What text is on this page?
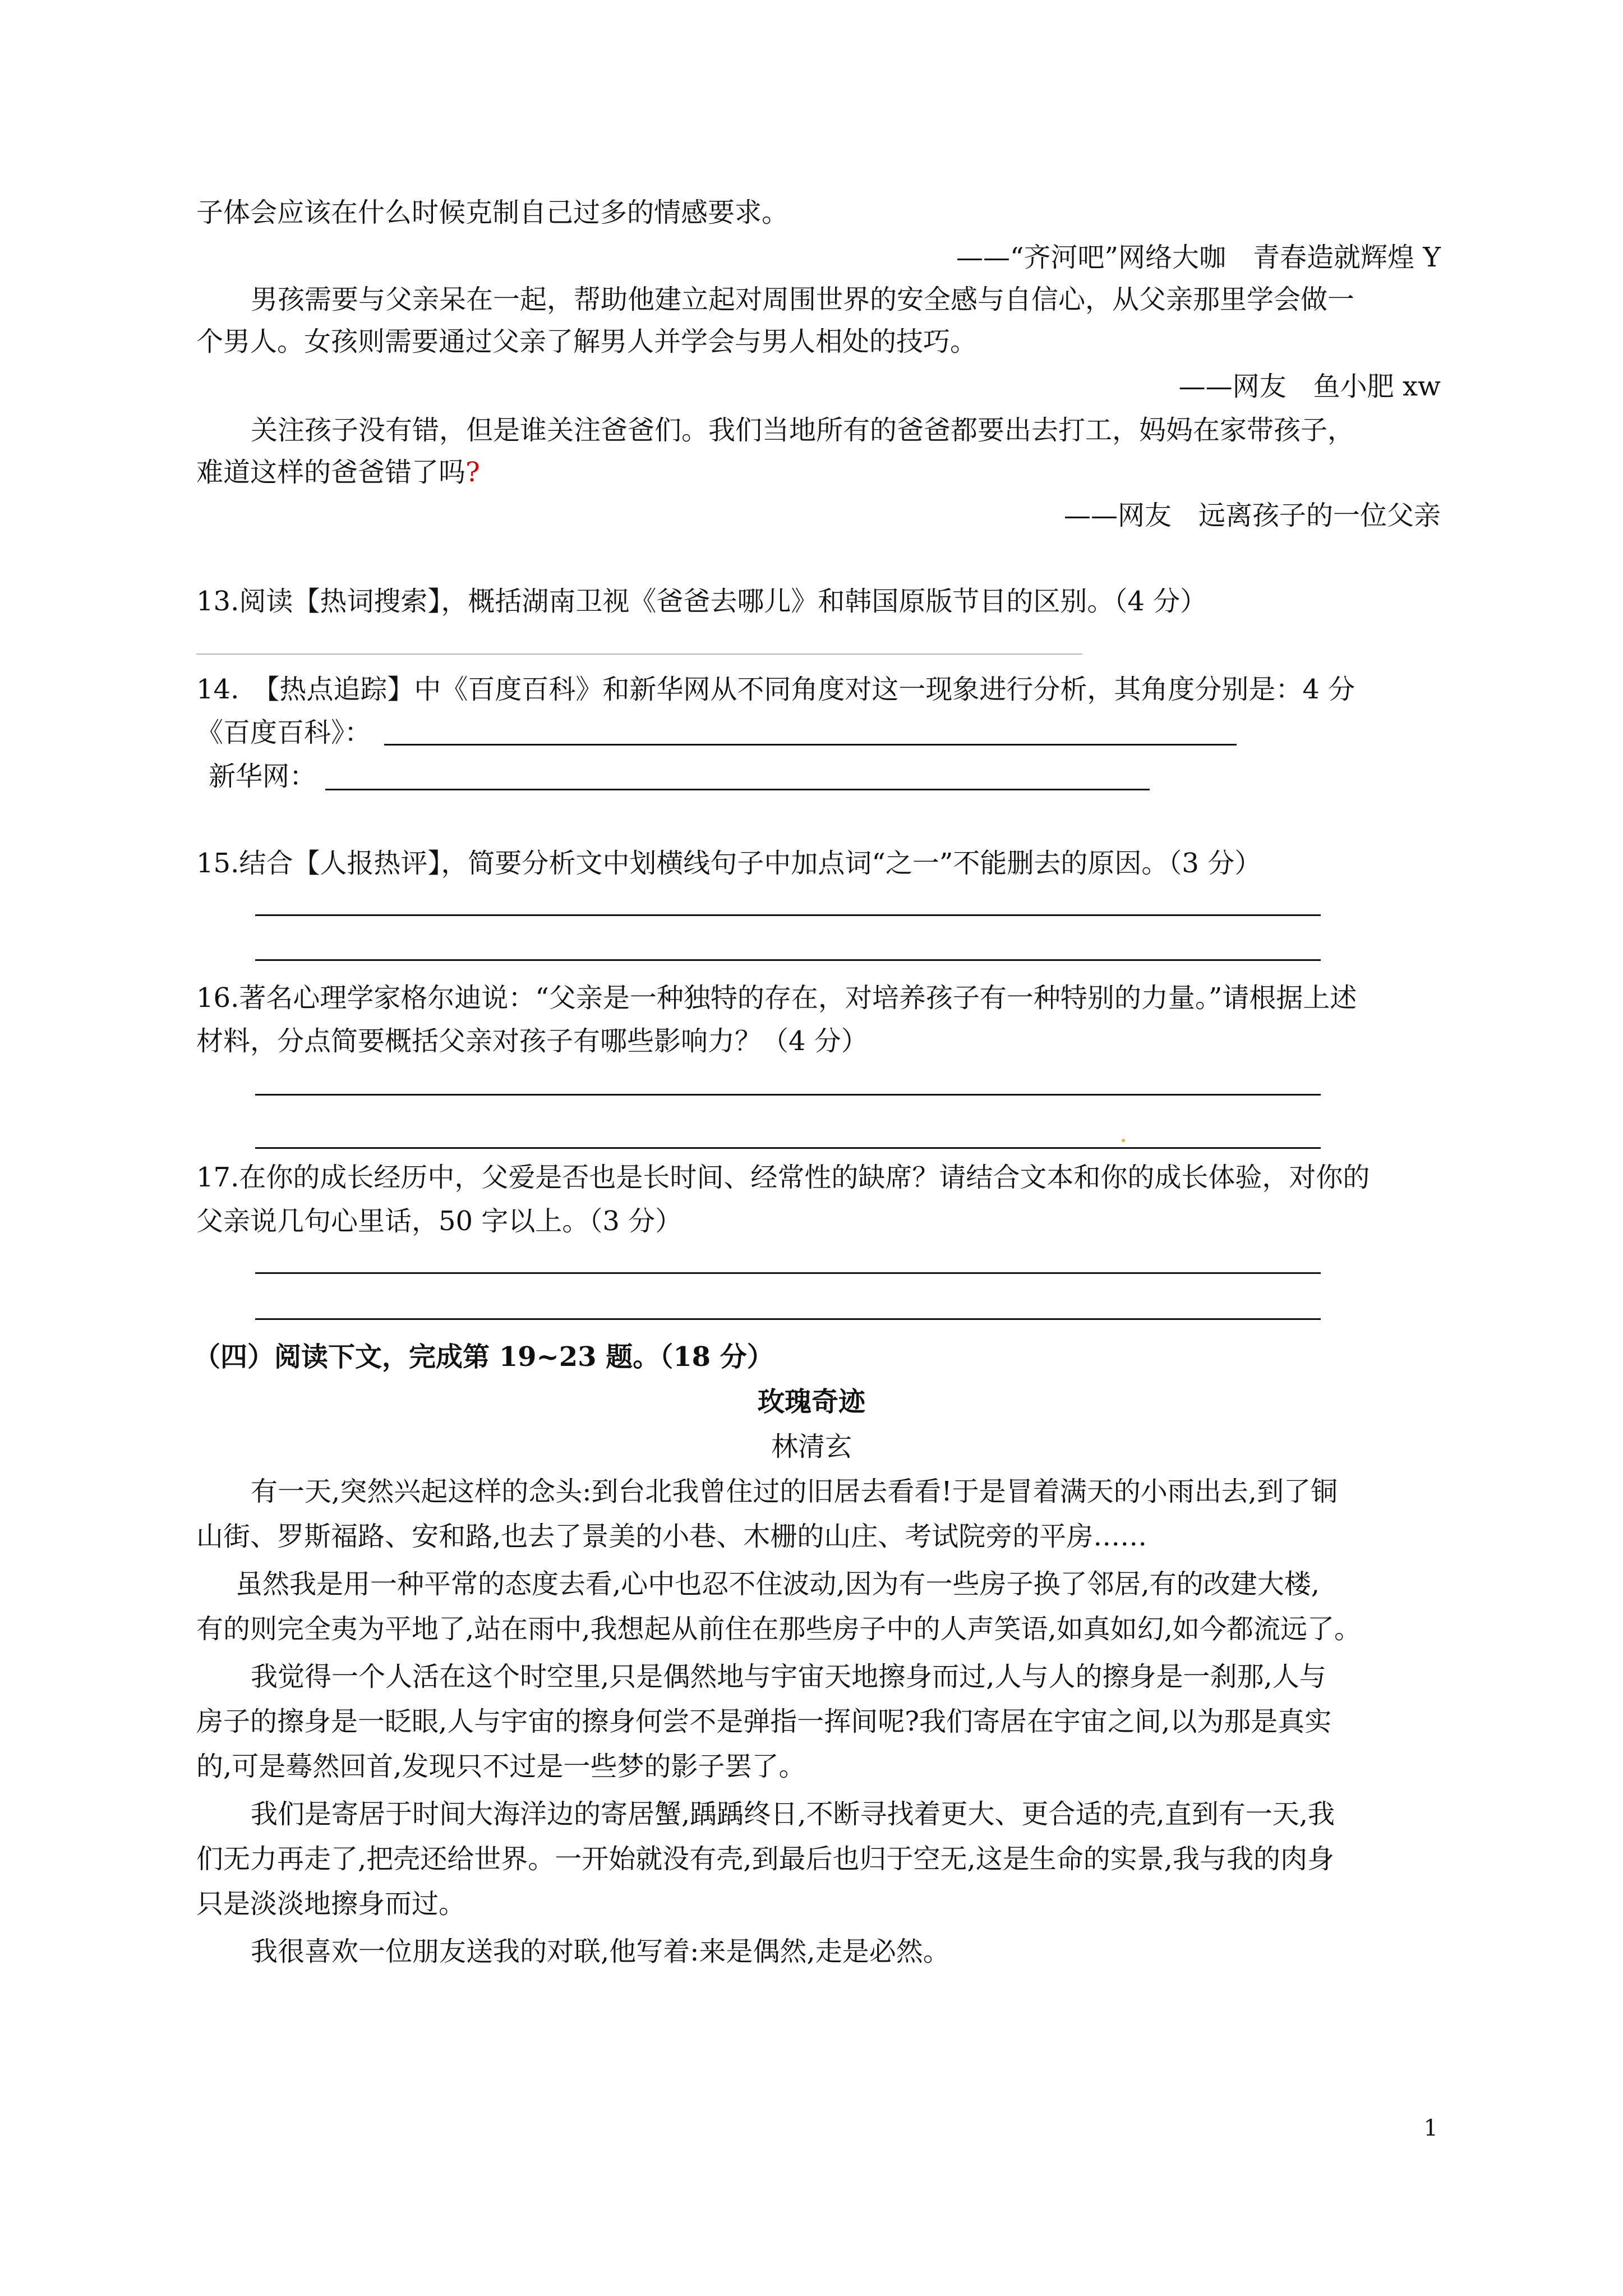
子体会应该在什么时候克制自己过多的情感要求。
——“齐河吧”网络大咖　青春造就辉煌 Y
男孩需要与父亲呆在一起，帮助他建立起对周围世界的安全感与自信心，从父亲那里学会做一
个男人。女孩则需要通过父亲了解男人并学会与男人相处的技巧。
——网友　鱼小肥 xw
关注孩子没有错，但是谁关注爸爸们。我们当地所有的爸爸都要出去打工，妈妈在家带孩子，
难道这样的爸爸错了吗?
——网友　远离孩子的一位父亲
13.阅读【热词搜索】，概括湖南卫视《爸爸去哪儿》和韩国原版节目的区别。（4 分）
14.　【热点追踪】中《百度百科》和新华网从不同角度对这一现象进行分析，其角度分别是：4 分
《百度百科》：
新华网：
15.结合【人报热评】，简要分析文中划横线句子中加点词“之一”不能删去的原因。（3 分）
16.著名心理学家格尔迪说：“父亲是一种独特的存在，对培养孩子有一种特别的力量。”请根据上述
材料，分点简要概括父亲对孩子有哪些影响力？（4 分）
17.在你的成长经历中，父爱是否也是长时间、经常性的缺席？请结合文本和你的成长体验，对你的
父亲说几句心里话，50 字以上。（3 分）
（四）阅读下文，完成第 19~23 题。（18 分）
玫瑰奇迹
林清玄
有一天,突然兴起这样的念头:到台北我曾住过的旧居去看看!于是冒着满天的小雨出去,到了铜
山街、罗斯福路、安和路,也去了景美的小巷、木栅的山庄、考试院旁的平房……
虽然我是用一种平常的态度去看,心中也忍不住波动,因为有一些房子换了邻居,有的改建大楼,
有的则完全夷为平地了,站在雨中,我想起从前住在那些房子中的人声笑语,如真如幻,如今都流远了。
我觉得一个人活在这个时空里,只是偶然地与宇宙天地擦身而过,人与人的擦身是一刹那,人与
房子的擦身是一眨眼,人与宇宙的擦身何尝不是弹指一挥间呢?我们寄居在宇宙之间,以为那是真实
的,可是蓦然回首,发现只不过是一些梦的影子罢了。
我们是寄居于时间大海洋边的寄居蟹,踽踽终日,不断寻找着更大、更合适的壳,直到有一天,我
们无力再走了,把壳还给世界。一开始就没有壳,到最后也归于空无,这是生命的实景,我与我的肉身
只是淡淡地擦身而过。
我很喜欢一位朋友送我的对联,他写着:来是偶然,走是必然。
1
